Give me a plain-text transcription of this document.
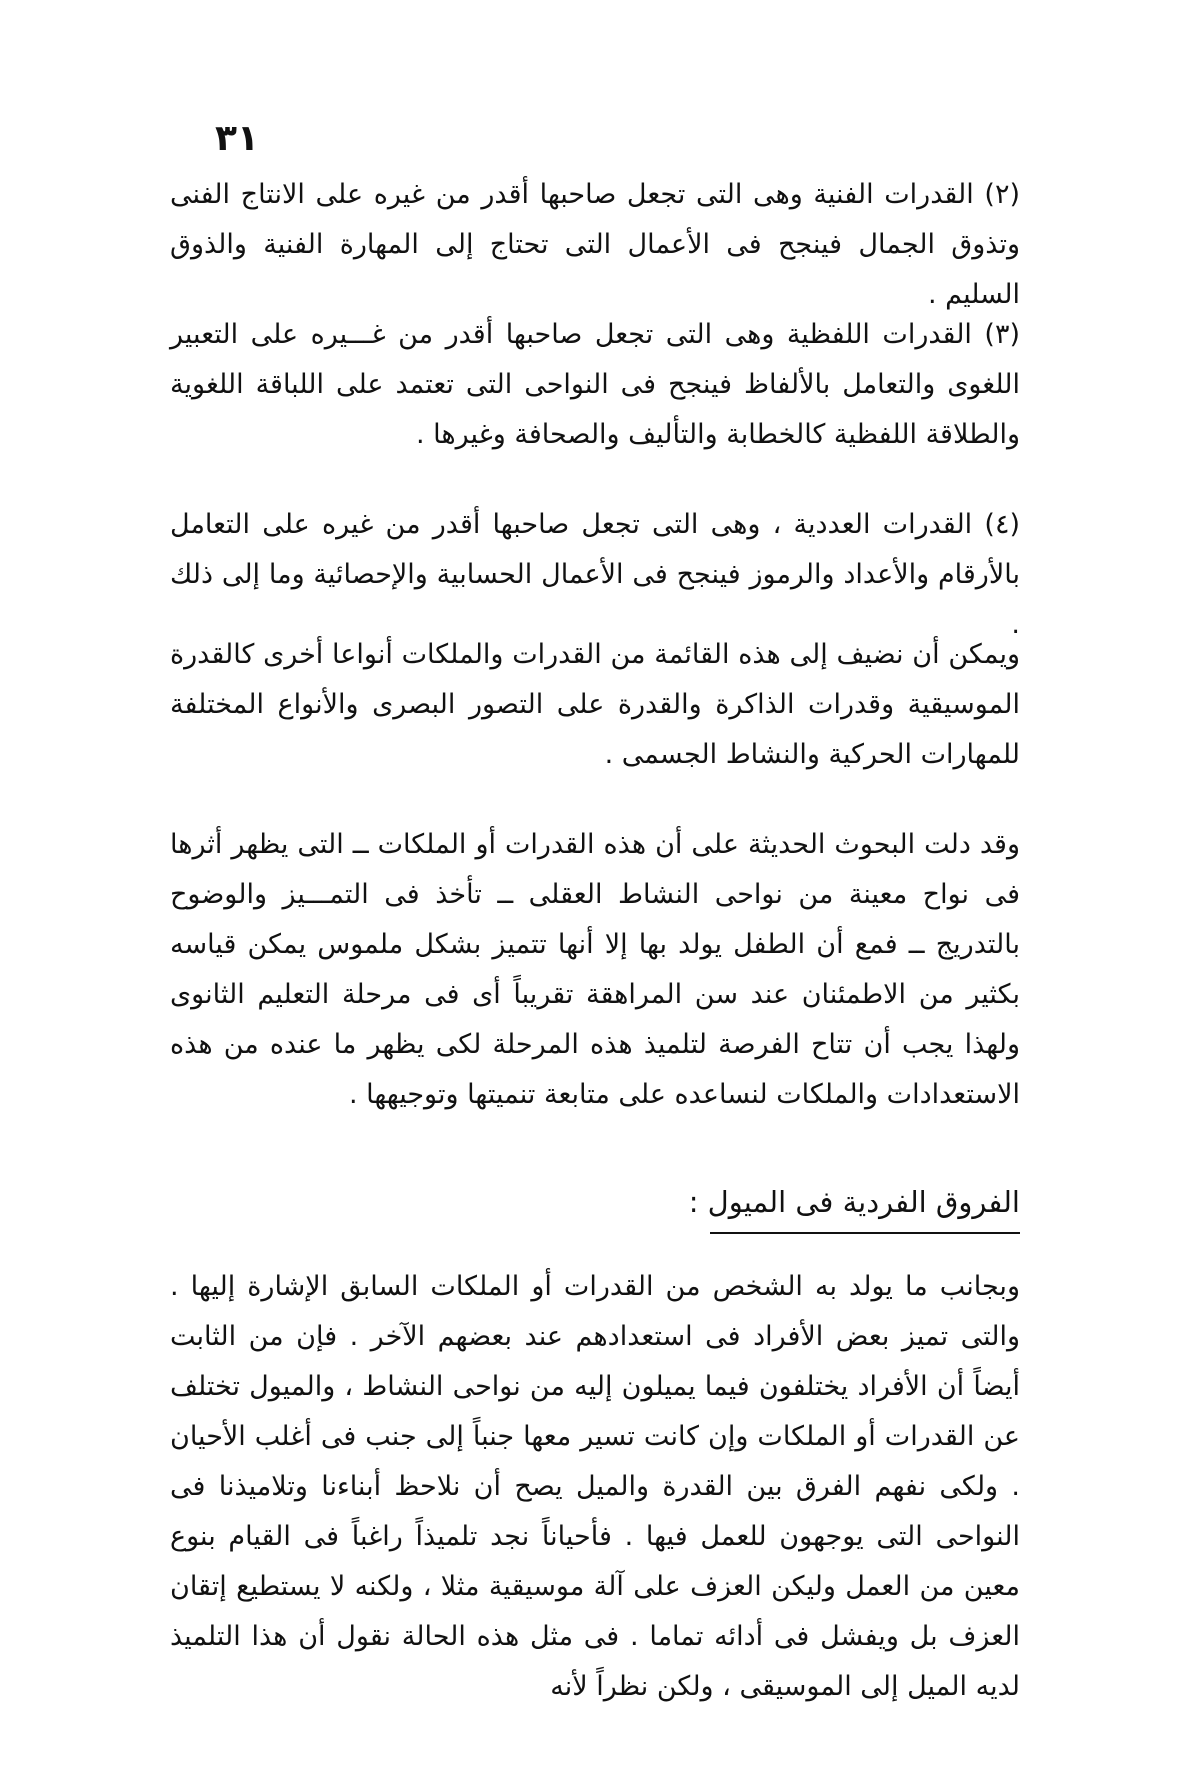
٣١

(٢) القدرات الفنية وهى التى تجعل صاحبها أقدر من غيره على الانتاج الفنى وتذوق الجمال فينجح فى الأعمال التى تحتاج إلى المهارة الفنية والذوق السليم .

(٣) القدرات اللفظية وهى التى تجعل صاحبها أقدر من غـــيره على التعبير اللغوى والتعامل بالألفاظ فينجح فى النواحى التى تعتمد على اللباقة اللغوية والطلاقة اللفظية كالخطابة والتأليف والصحافة وغيرها .

(٤) القدرات العددية ، وهى التى تجعل صاحبها أقدر من غيره على التعامل بالأرقام والأعداد والرموز فينجح فى الأعمال الحسابية والإحصائية وما إلى ذلك .

ويمكن أن نضيف إلى هذه القائمة من القدرات والملكات أنواعا أخرى كالقدرة الموسيقية وقدرات الذاكرة والقدرة على التصور البصرى والأنواع المختلفة للمهارات الحركية والنشاط الجسمى .

وقد دلت البحوث الحديثة على أن هذه القدرات أو الملكات ــ التى يظهر أثرها فى نواح معينة من نواحى النشاط العقلى ــ تأخذ فى التمـــيز والوضوح بالتدريج ــ فمع أن الطفل يولد بها إلا أنها تتميز بشكل ملموس يمكن قياسه بكثير من الاطمئنان عند سن المراهقة تقريباً أى فى مرحلة التعليم الثانوى ولهذا يجب أن تتاح الفرصة لتلميذ هذه المرحلة لكى يظهر ما عنده من هذه الاستعدادات والملكات لنساعده على متابعة تنميتها وتوجيهها .

الفروق الفردية فى الميول :

وبجانب ما يولد به الشخص من القدرات أو الملكات السابق الإشارة إليها . والتى تميز بعض الأفراد فى استعدادهم عند بعضهم الآخر . فإن من الثابت أيضاً أن الأفراد يختلفون فيما يميلون إليه من نواحى النشاط ، والميول تختلف عن القدرات أو الملكات وإن كانت تسير معها جنباً إلى جنب فى أغلب الأحيان . ولكى نفهم الفرق بين القدرة والميل يصح أن نلاحظ أبناءنا وتلاميذنا فى النواحى التى يوجهون للعمل فيها . فأحياناً نجد تلميذاً راغباً فى القيام بنوع معين من العمل وليكن العزف على آلة موسيقية مثلا ، ولكنه لا يستطيع إتقان العزف بل ويفشل فى أدائه تماما . فى مثل هذه الحالة نقول أن هذا التلميذ لديه الميل إلى الموسيقى ، ولكن نظراً لأنه
